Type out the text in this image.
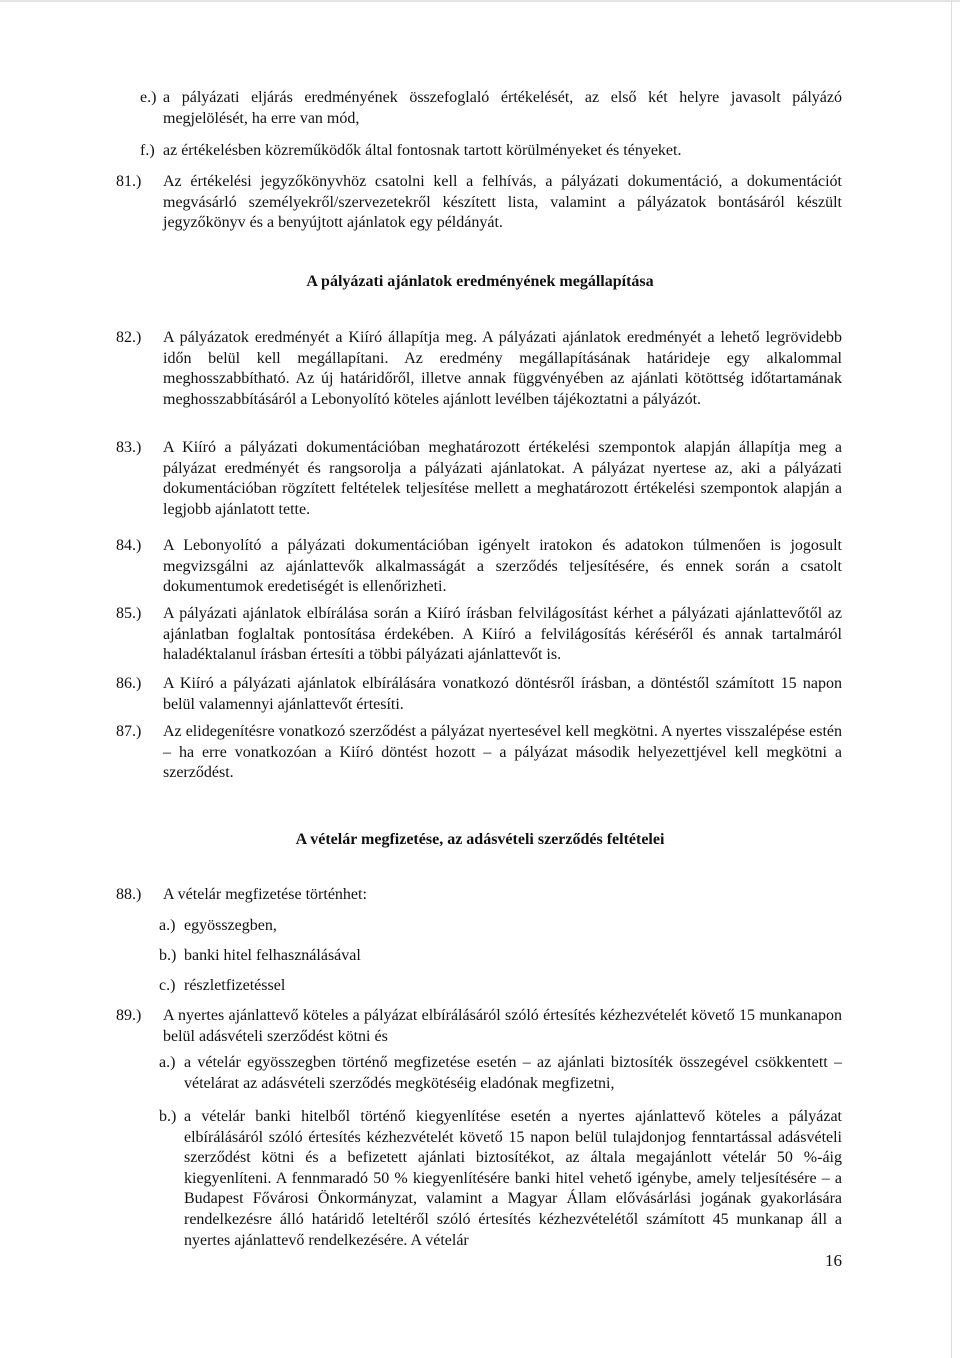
e.) a pályázati eljárás eredményének összefoglaló értékelését, az első két helyre javasolt pályázó megjelölését, ha erre van mód,
f.) az értékelésben közreműködők által fontosnak tartott körülményeket és tényeket.
81.) Az értékelési jegyzőkönyvhöz csatolni kell a felhívás, a pályázati dokumentáció, a dokumentációt megvásárló személyekről/szervezetekről készített lista, valamint a pályázatok bontásáról készült jegyzőkönyv és a benyújtott ajánlatok egy példányát.
A pályázati ajánlatok eredményének megállapítása
82.) A pályázatok eredményét a Kiíró állapítja meg. A pályázati ajánlatok eredményét a lehető legrövidebb időn belül kell megállapítani. Az eredmény megállapításának határideje egy alkalommal meghosszabbítható. Az új határidőről, illetve annak függvényében az ajánlati kötöttség időtartamának meghosszabbításáról a Lebonyolító köteles ajánlott levélben tájékoztatni a pályázót.
83.) A Kiíró a pályázati dokumentációban meghatározott értékelési szempontok alapján állapítja meg a pályázat eredményét és rangsorolja a pályázati ajánlatokat. A pályázat nyertese az, aki a pályázati dokumentációban rögzített feltételek teljesítése mellett a meghatározott értékelési szempontok alapján a legjobb ajánlatott tette.
84.) A Lebonyolító a pályázati dokumentációban igényelt iratokon és adatokon túlmenően is jogosult megvizsgálni az ajánlattevők alkalmasságát a szerződés teljesítésére, és ennek során a csatolt dokumentumok eredetiségét is ellenőrizheti.
85.) A pályázati ajánlatok elbírálása során a Kiíró írásban felvilágosítást kérhet a pályázati ajánlattevőtől az ajánlatban foglaltak pontosítása érdekében. A Kiíró a felvilágosítás kéréséről és annak tartalmáról haladéktalanul írásban értesíti a többi pályázati ajánlattevőt is.
86.) A Kiíró a pályázati ajánlatok elbírálására vonatkozó döntésről írásban, a döntéstől számított 15 napon belül valamennyi ajánlattevőt értesíti.
87.) Az elidegenítésre vonatkozó szerződést a pályázat nyertesével kell megkötni. A nyertes visszalépése estén – ha erre vonatkozóan a Kiíró döntést hozott – a pályázat második helyezettjével kell megkötni a szerződést.
A vételár megfizetése, az adásvételi szerződés feltételei
88.) A vételár megfizetése történhet:
a.) egyösszegben,
b.) banki hitel felhasználásával
c.) részletfizetéssel
89.) A nyertes ajánlattevő köteles a pályázat elbírálásáról szóló értesítés kézhezvételét követő 15 munkanapon belül adásvételi szerződést kötni és
a.) a vételár egyösszegben történő megfizetése esetén – az ajánlati biztosíték összegével csökkentett – vételárat az adásvételi szerződés megkötéséig eladónak megfizetni,
b.) a vételár banki hitelből történő kiegyenlítése esetén a nyertes ajánlattevő köteles a pályázat elbírálásáról szóló értesítés kézhezvételét követő 15 napon belül tulajdonjog fenntartással adásvételi szerződést kötni és a befizetett ajánlati biztosítékot, az általa megajánlott vételár 50 %-áig kiegyenlíteni. A fennmaradó 50 % kiegyenlítésére banki hitel vehető igénybe, amely teljesítésére – a Budapest Fővárosi Önkormányzat, valamint a Magyar Állam elővásárlási jogának gyakorlására rendelkezésre álló határidő leteltéről szóló értesítés kézhezvételétől számított 45 munkanap áll a nyertes ajánlattevő rendelkezésére. A vételár
16
